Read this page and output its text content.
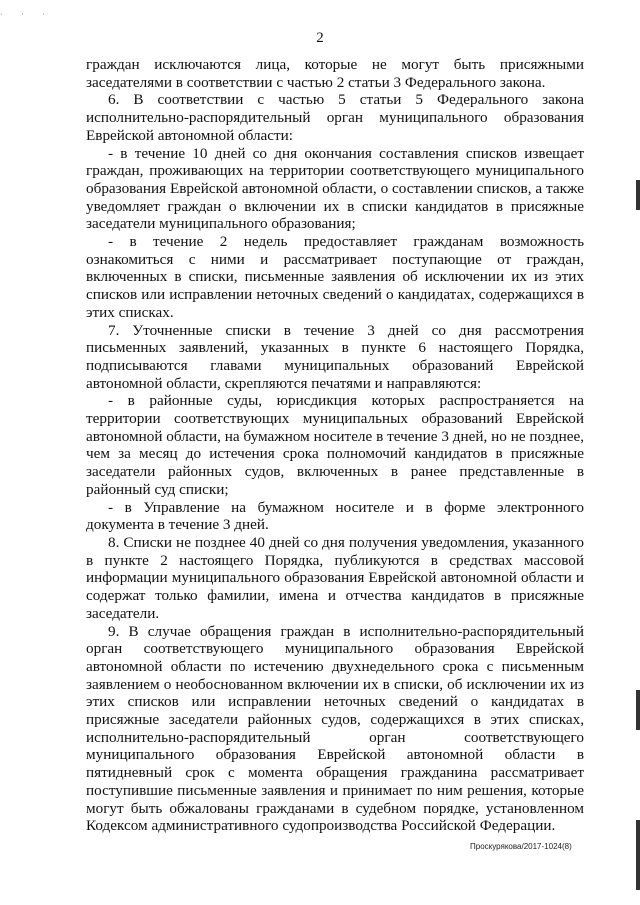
· · ·
2

граждан исключаются лица, которые не могут быть присяжными заседателями в соответствии с частью 2 статьи 3 Федерального закона.

6. В соответствии с частью 5 статьи 5 Федерального закона исполнительно-распорядительный орган муниципального образования Еврейской автономной области:

- в течение 10 дней со дня окончания составления списков извещает граждан, проживающих на территории соответствующего муниципального образования Еврейской автономной области, о составлении списков, а также уведомляет граждан о включении их в списки кандидатов в присяжные заседатели муниципального образования;

- в течение 2 недель предоставляет гражданам возможность ознакомиться с ними и рассматривает поступающие от граждан, включенных в списки, письменные заявления об исключении их из этих списков или исправлении неточных сведений о кандидатах, содержащихся в этих списках.

7. Уточненные списки в течение 3 дней со дня рассмотрения письменных заявлений, указанных в пункте 6 настоящего Порядка, подписываются главами муниципальных образований Еврейской автономной области, скрепляются печатями и направляются:

- в районные суды, юрисдикция которых распространяется на территории соответствующих муниципальных образований Еврейской автономной области, на бумажном носителе в течение 3 дней, но не позднее, чем за месяц до истечения срока полномочий кандидатов в присяжные заседатели районных судов, включенных в ранее представленные в районный суд списки;

- в Управление на бумажном носителе и в форме электронного документа в течение 3 дней.

8. Списки не позднее 40 дней со дня получения уведомления, указанного в пункте 2 настоящего Порядка, публикуются в средствах массовой информации муниципального образования Еврейской автономной области и содержат только фамилии, имена и отчества кандидатов в присяжные заседатели.

9. В случае обращения граждан в исполнительно-распорядительный орган соответствующего муниципального образования Еврейской автономной области по истечению двухнедельного срока с письменным заявлением о необоснованном включении их в списки, об исключении их из этих списков или исправлении неточных сведений о кандидатах в присяжные заседатели районных судов, содержащихся в этих списках, исполнительно-распорядительный орган соответствующего муниципального образования Еврейской автономной области в пятидневный срок с момента обращения гражданина рассматривает поступившие письменные заявления и принимает по ним решения, которые могут быть обжалованы гражданами в судебном порядке, установленном Кодексом административного судопроизводства Российской Федерации.

Проскурякова/2017-1024(8)
